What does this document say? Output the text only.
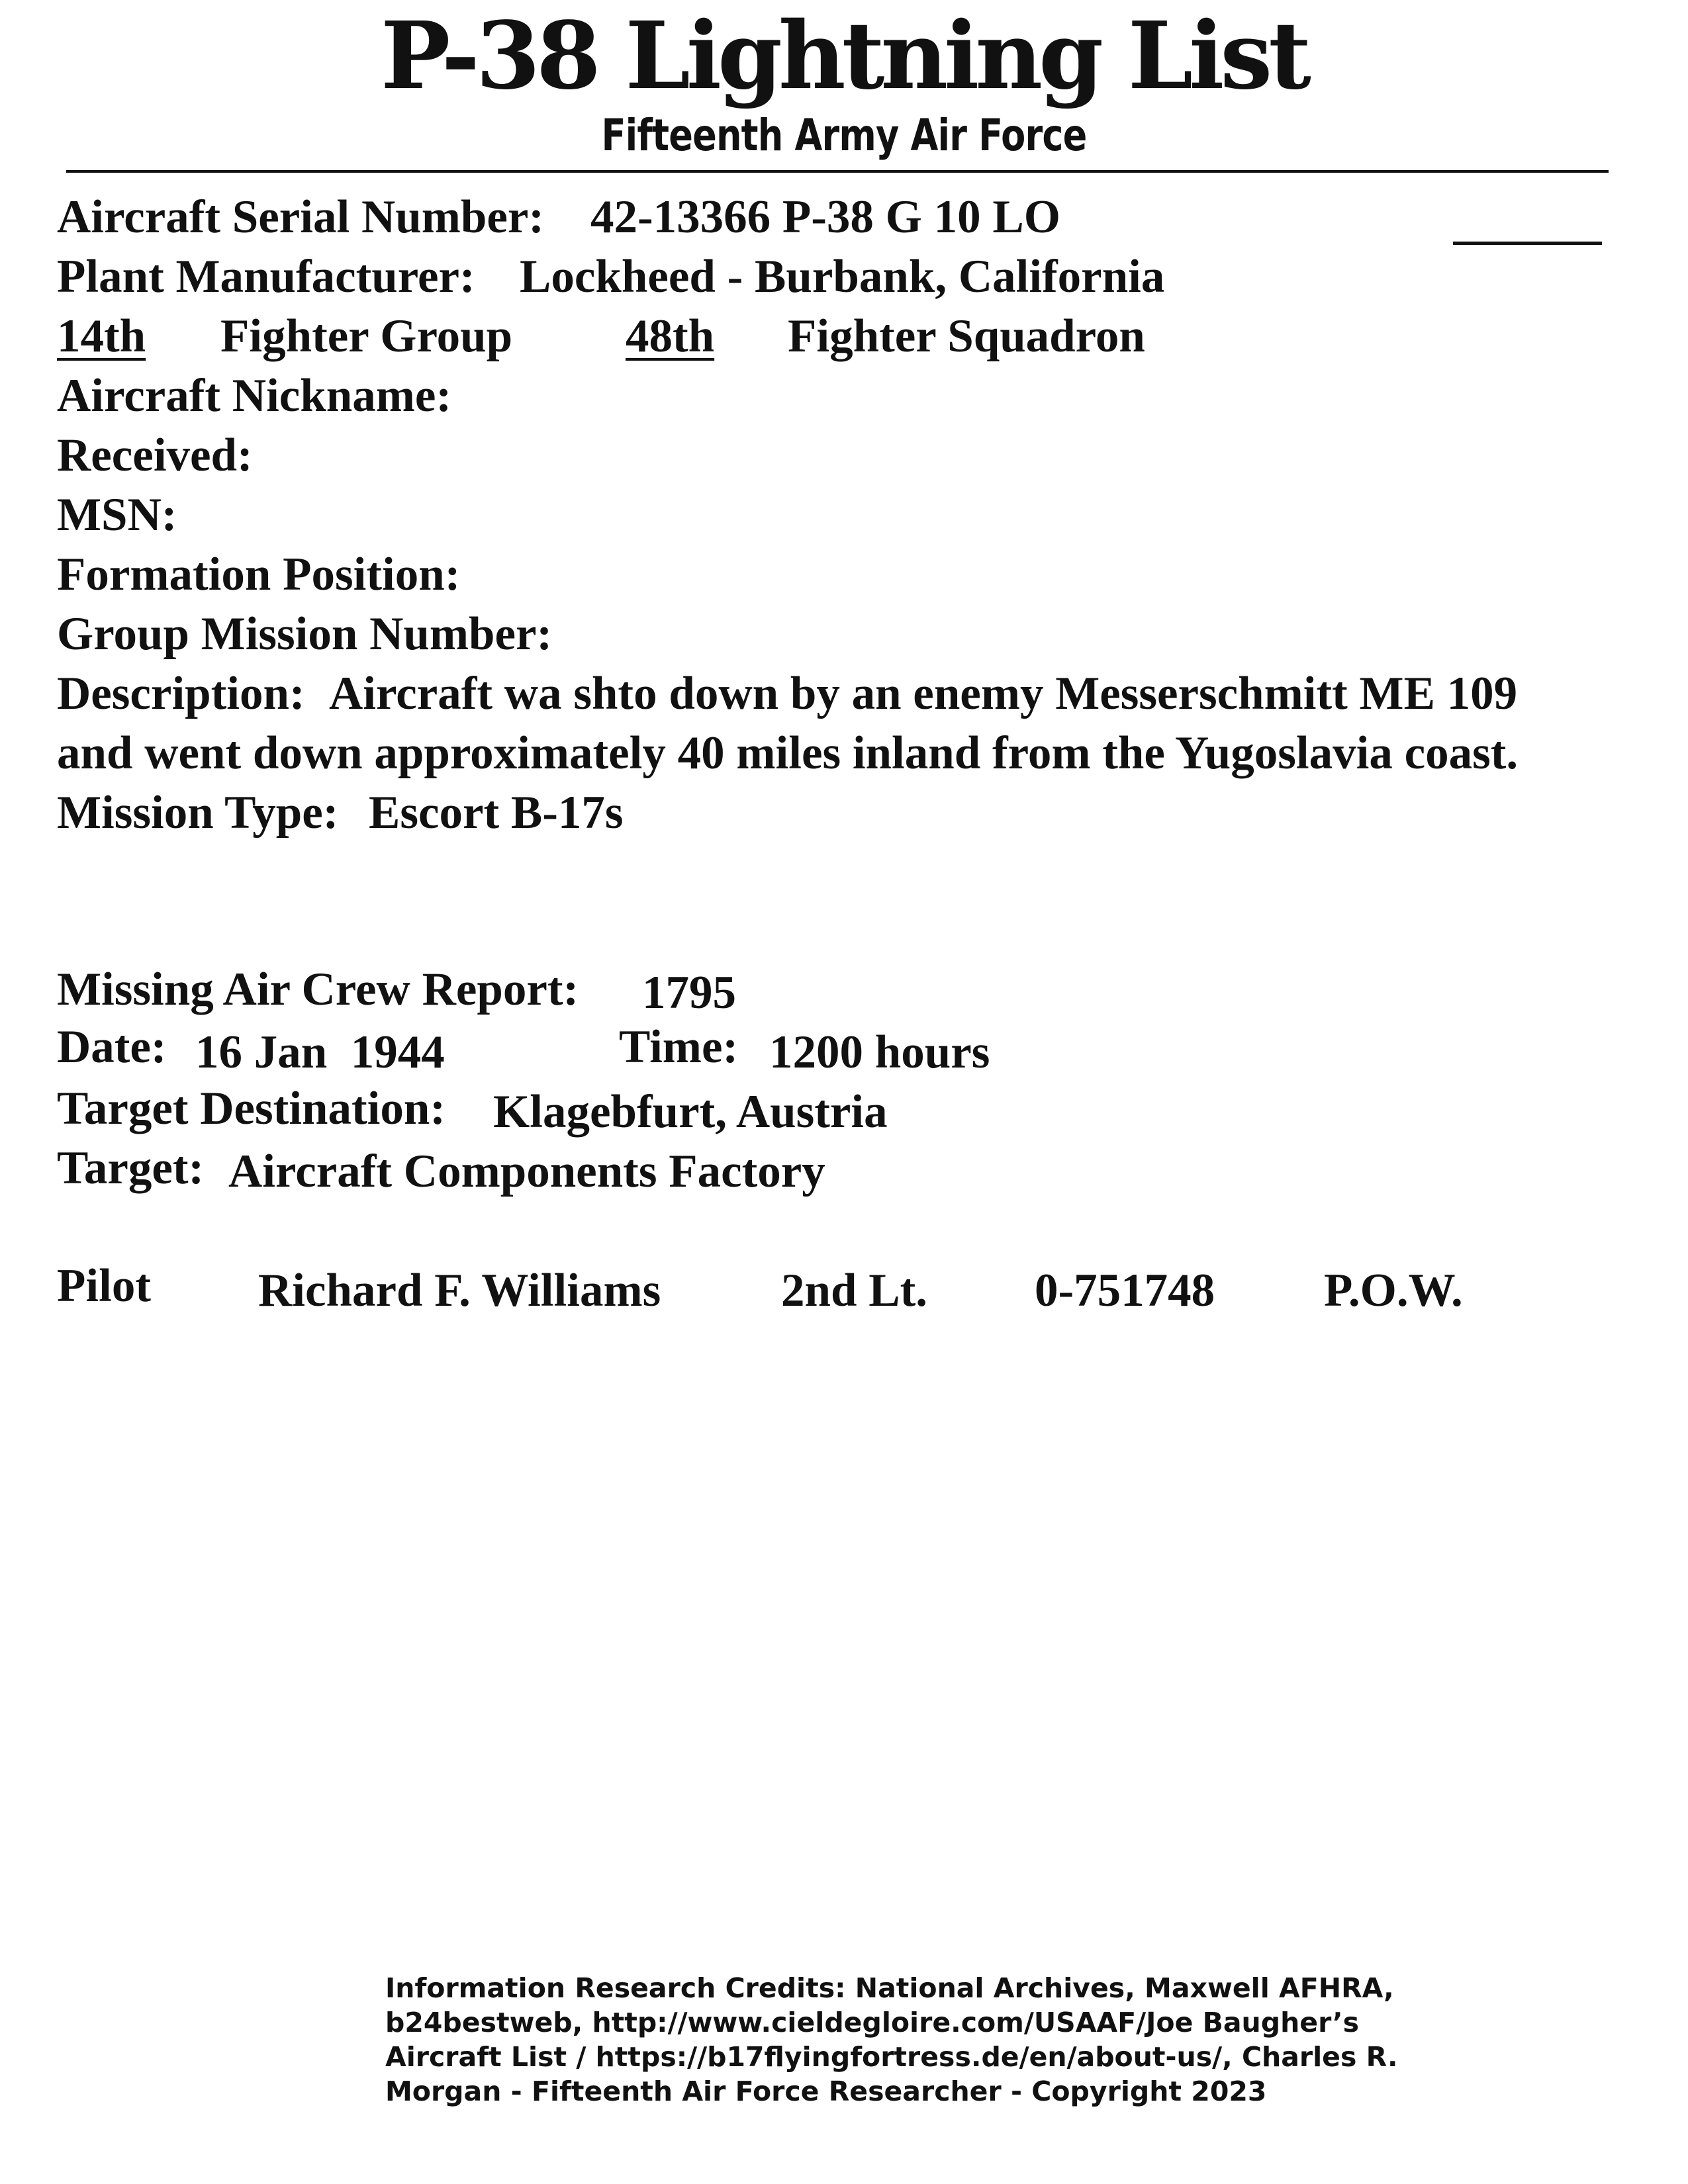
P-38 Lightning List
Fifteenth Army Air Force
Aircraft Serial Number: 42-13366 P-38 G 10 LO
Plant Manufacturer: Lockheed - Burbank, California
14th	Fighter Group 48th	Fighter Squadron
Aircraft Nickname:
Received:
MSN:
Formation Position:
Group Mission Number:
Description: Aircraft wa shto down by an enemy Messerschmitt ME 109
and went down approximately 40 miles inland from the Yugoslavia coast.
Mission Type: Escort B-17s
Missing Air Crew Report: 1795
Date: 16 Jan  1944	Time: 1200 hours
Target Destination: Klagebfurt, Austria
Target: Aircraft Components Factory
Pilot Richard F. Williams	2nd Lt. 0-751748 P.O.W.
Information Research Credits: National Archives, Maxwell AFHRA,
b24bestweb, http://www.cieldegloire.com/USAAF/Joe Baugher’s
Aircraft List / https://b17flyingfortress.de/en/about-us/, Charles R.
Morgan - Fifteenth Air Force Researcher - Copyright 2023
